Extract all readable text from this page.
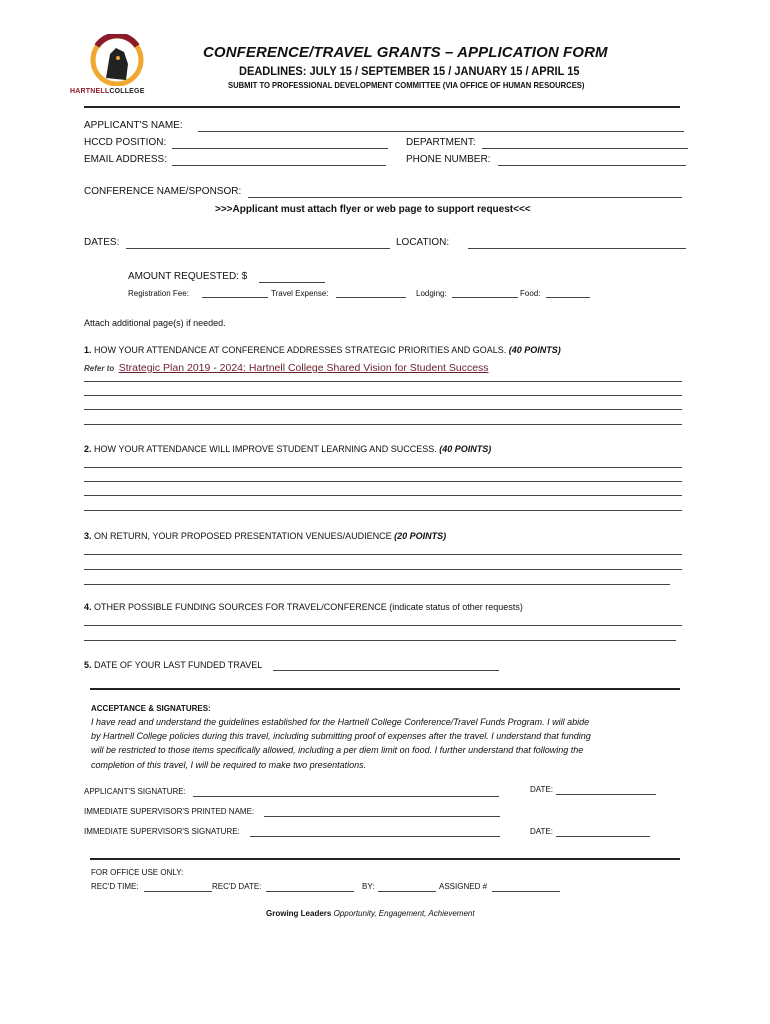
HARTNELLCOLLEGE
CONFERENCE/TRAVEL GRANTS – APPLICATION FORM
DEADLINES: JULY 15 / SEPTEMBER 15 / JANUARY 15 / APRIL 15
SUBMIT TO PROFESSIONAL DEVELOPMENT COMMITTEE (VIA OFFICE OF HUMAN RESOURCES)
APPLICANT'S NAME:
HCCD POSITION:	DEPARTMENT:
EMAIL ADDRESS:	PHONE NUMBER:
CONFERENCE NAME/SPONSOR:
>>>Applicant must attach flyer or web page to support request<<<
DATES:	LOCATION:
AMOUNT REQUESTED: $
Registration Fee:	Travel Expense:	Lodging:	Food:
Attach additional page(s) if needed.
1. HOW YOUR ATTENDANCE AT CONFERENCE ADDRESSES STRATEGIC PRIORITIES AND GOALS. (40 POINTS)
Refer to Strategic Plan 2019 - 2024: Hartnell College Shared Vision for Student Success
2. HOW YOUR ATTENDANCE WILL IMPROVE STUDENT LEARNING AND SUCCESS. (40 POINTS)
3. ON RETURN, YOUR PROPOSED PRESENTATION VENUES/AUDIENCE (20 POINTS)
4. OTHER POSSIBLE FUNDING SOURCES FOR TRAVEL/CONFERENCE (indicate status of other requests)
5. DATE OF YOUR LAST FUNDED TRAVEL
ACCEPTANCE & SIGNATURES:
I have read and understand the guidelines established for the Hartnell College Conference/Travel Funds Program. I will abide
by Hartnell College policies during this travel, including submitting proof of expenses after the travel. I understand that funding
will be restricted to those items specifically allowed, including a per diem limit on food. I further understand that following the
completion of this travel, I will be required to make two presentations.
APPLICANT'S SIGNATURE:	DATE:
IMMEDIATE SUPERVISOR'S PRINTED NAME:
IMMEDIATE SUPERVISOR'S SIGNATURE:	DATE:
FOR OFFICE USE ONLY:
REC'D TIME:	REC'D DATE:	BY:	ASSIGNED #
Growing Leaders Opportunity, Engagement, Achievement
